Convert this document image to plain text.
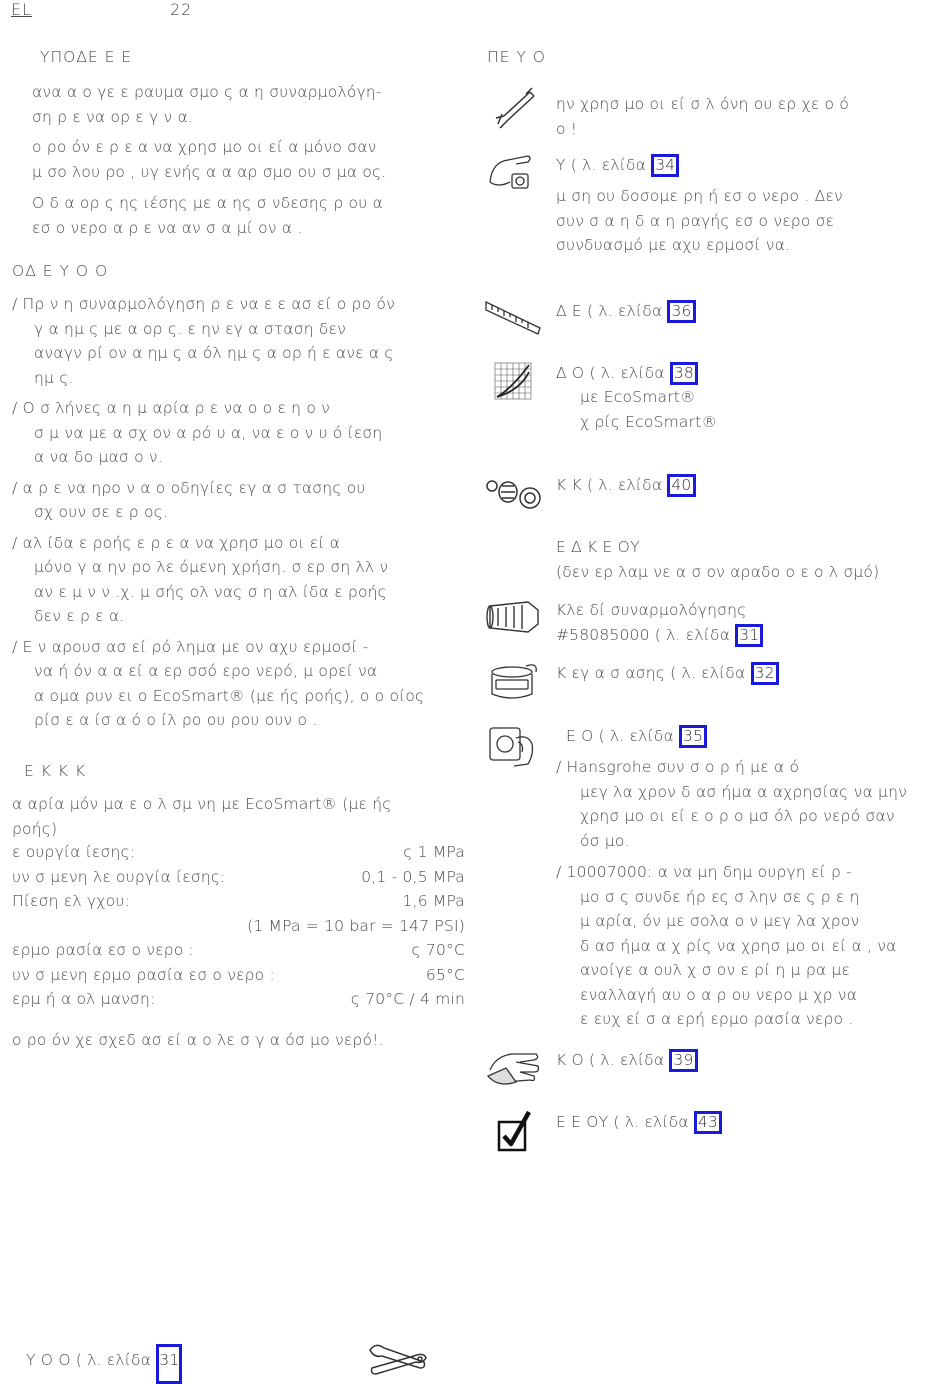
EL	22
ΥΠΟΔΕ Ε Ε
ανα α ο γε ε ραυμα σμο ς α η συναρμολόγη-
ση ρ ε να ορ ε γ ν α.
ο ρο όν ε ρ ε α να χρησ μο οι εί α μόνο σαν
μ σο λου ρο , υγ ενής α α αρ σμο ου σ μα ος.
Ο δ α ορ ς ης ιέσης με α ης σ νδεσης ρ ου α
εσ ο νερο α ρ ε να αν σ α μί ον α .
ΟΔ Ε Υ Ο Ο
/ Πρ ν η συναρμολόγηση ρ ε να ε ε ασ εί ο ρο όν
γ α ημ ς με α ορ ς. ε ην εγ α σταση δεν
αναγν ρί ον α ημ ς α όλ ημ ς α ορ ή ε ανε α ς
ημ ς.
/ Ο σ λήνες α η μ αρία ρ ε να ο ο ε η ο ν
σ μ να με α σχ ον α ρό υ α, να ε ο ν υ ό ίεση
α να δο μασ ο ν.
/ α ρ ε να ηρο ν α ο οδηγίες εγ α σ τασης ου
σχ ουν σε ε ρ ος.
/ αλ ίδα ε ροής ε ρ ε α να χρησ μο οι εί α
μόνο γ α ην ρο λε όμενη χρήση. σ ερ ση λλ ν
αν ε μ ν ν .χ. μ σής ολ νας σ η αλ ίδα ε ροής
δεν ε ρ ε α.
/ Ε ν αρουσ ασ εί ρό λημα με ον αχυ ερμοσί -
να ή όν α α εί α ερ σσό ερο νερό, μ ορεί να
α ομα ρυν ει ο EcoSmart® (με ής ροής), ο ο οίος
ρίσ ε α ίσ α ό ο ίλ ρο ου ρου ουν ο .
Ε Κ Κ Κ
α αρία μόν μα ε ο λ σμ νη με EcoSmart® (με ής
ροής)
ε ουργία ίεσης:	ς 1 MPa
υν σ μενη λε ουργία ίεσης:	0,1 - 0,5 MPa
Πίεση ελ γχου:	1,6 MPa
(1 MPa = 10 bar = 147 PSI)
ερμο ρασία εσ ο νερο :	ς 70°C
υν σ μενη ερμο ρασία εσ ο νερο :	65°C
ερμ ή α ολ μανση:	ς 70°C / 4 min
ο ρο όν χε σχεδ ασ εί α ο λε σ γ α όσ μο νερό!.
ΠΕ Υ Ο
ην χρησ μο οι εί σ λ όνη ου ερ χε ο ό
ο !
Υ ( λ. ελίδα 34
μ ση ου δοσομε ρη ή εσ ο νερο . Δεν
συν σ α η δ α η ραγής εσ ο νερο σε
συνδυασμό με αχυ ερμοσί να.
Δ Ε ( λ. ελίδα 36
Δ Ο ( λ. ελίδα 38
με EcoSmart®
χ ρίς EcoSmart®
Κ Κ ( λ. ελίδα 40
Ε Δ Κ Ε ΟΥ
(δεν ερ λαμ νε α σ ον αραδο ο ε ο λ σμό)
Κλε δί συναρμολόγησης
#58085000 ( λ. ελίδα 31
Κ εγ α σ ασης ( λ. ελίδα 32
Ε Ο ( λ. ελίδα 35
/ Hansgrohe συν σ ο ρ ή με α ό
μεγ λα χρον δ ασ ήμα α αχρησίας να μην
χρησ μο οι εί ε ο ρ ο μσ όλ ρο νερό σαν
όσ μο.
/ 10007000: α να μη δημ ουργη εί ρ -
μο σ ς συνδε ήρ ες σ λην σε ς ρ ε η
μ αρία, όν με σολα ο ν μεγ λα χρον
δ ασ ήμα α χ ρίς να χρησ μο οι εί α , να
ανοίγε α ουλ χ σ ον ε ρί η μ ρα με
εναλλαγή αυ ο α ρ ου νερο μ χρ να
ε ευχ εί σ α ερή ερμο ρασία νερο .
Κ Ο ( λ. ελίδα 39
Ε Ε ΟΥ ( λ. ελίδα 43
Υ Ο Ο ( λ. ελίδα 31
